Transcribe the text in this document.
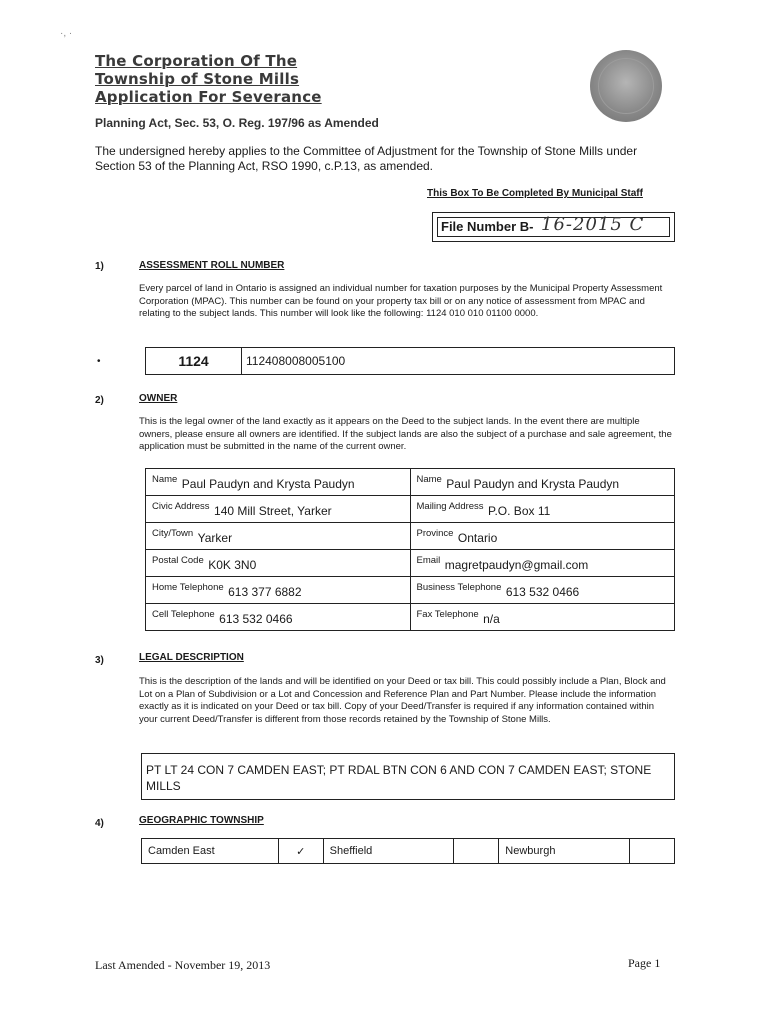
·, ·
The Corporation Of The
Township of Stone Mills
Application For Severance
Planning Act, Sec. 53, O. Reg. 197/96 as Amended
The undersigned hereby applies to the Committee of Adjustment for the Township of Stone Mills under Section 53 of the Planning Act, RSO 1990, c.P.13, as amended.
This Box To Be Completed By Municipal Staff
File Number B- 16-2015 C
1)	ASSESSMENT ROLL NUMBER
Every parcel of land in Ontario is assigned an individual number for taxation purposes by the Municipal Property Assessment Corporation (MPAC). This number can be found on your property tax bill or on any notice of assessment from MPAC and relating to the subject lands. This number will look like the following: 1124 010 010 01100 0000.
•	1124	112408008005100
2)	OWNER
This is the legal owner of the land exactly as it appears on the Deed to the subject lands. In the event there are multiple owners, please ensure all owners are identified. If the subject lands are also the subject of a purchase and sale agreement, the application must be submitted in the name of the current owner.
Name $_{Paul Paudyn and Krysta Paudyn}$	Name $_{Paul Paudyn and Krysta Paudyn}$
Civic Address $_{140 Mill Street, Yarker}$	Mailing Address $_{P.O. Box 11}$
City/Town $_{Yarker}$	Province $_{Ontario}$
Postal Code $_{K0K 3N0}$	Email $_{magretpaudyn@gmail.com}$
Home Telephone $_{613 377 6882}$	Business Telephone $_{613 532 0466}$
Cell Telephone $_{613 532 0466}$	Fax Telephone $_{n/a}$
3)	LEGAL DESCRIPTION
This is the description of the lands and will be identified on your Deed or tax bill. This could possibly include a Plan, Block and Lot on a Plan of Subdivision or a Lot and Concession and Reference Plan and Part Number. Please include the information exactly as it is indicated on your Deed or tax bill. Copy of your Deed/Transfer is required if any information contained within your current Deed/Transfer is different from those records retained by the Township of Stone Mills.
PT LT 24 CON 7 CAMDEN EAST; PT RDAL BTN CON 6 AND CON 7 CAMDEN EAST; STONE MILLS
4)	GEOGRAPHIC TOWNSHIP
Camden East	✓	Sheffield		Newburgh	
Last Amended - November 19, 2013	Page 1
